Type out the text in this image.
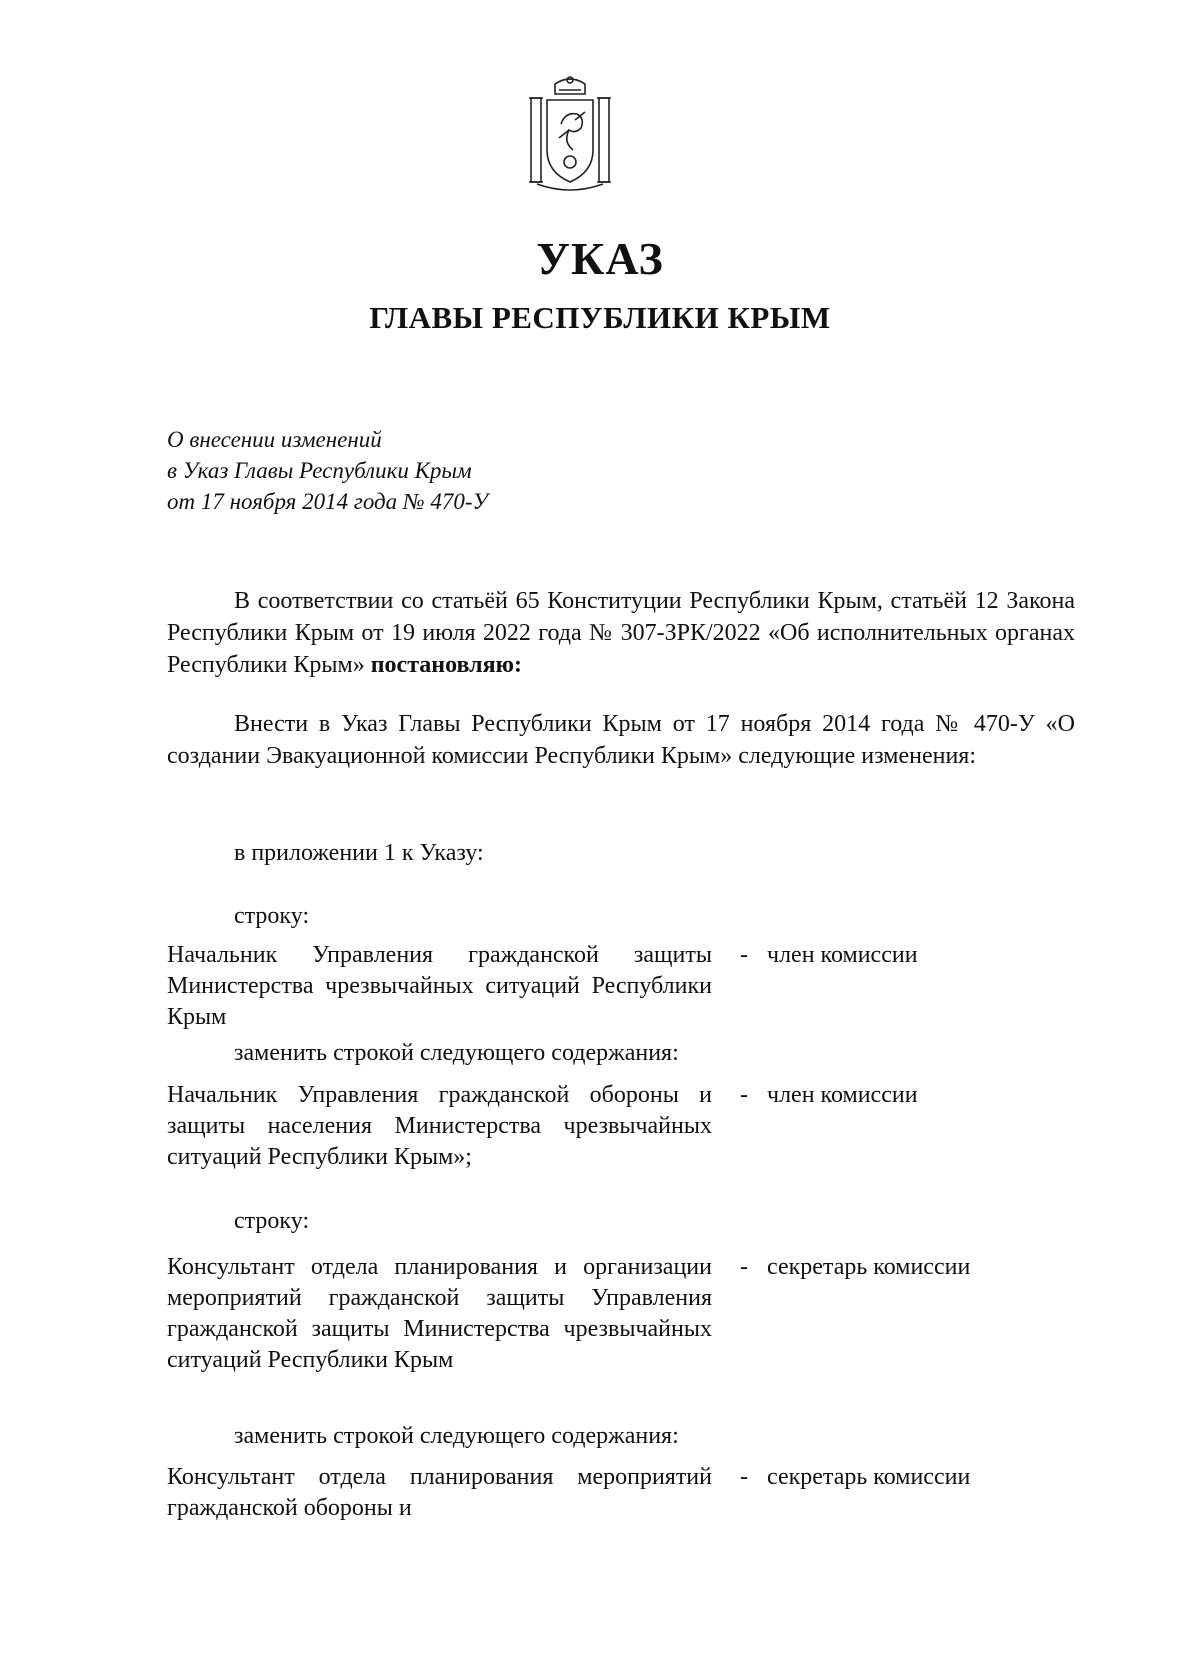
УКАЗ
ГЛАВЫ РЕСПУБЛИКИ КРЫМ
О внесении изменений
в Указ Главы Республики Крым
от 17 ноября 2014 года № 470-У
В соответствии со статьёй 65 Конституции Республики Крым, статьёй 12 Закона Республики Крым от 19 июля 2022 года № 307-ЗРК/2022 «Об исполнительных органах Республики Крым» постановляю:
Внести в Указ Главы Республики Крым от 17 ноября 2014 года № 470-У «О создании Эвакуационной комиссии Республики Крым» следующие изменения:
в приложении 1 к Указу:
строку:
Начальник Управления гражданской защиты Министерства чрезвычайных ситуаций Республики Крым
- член комиссии
заменить строкой следующего содержания:
Начальник Управления гражданской обороны и защиты населения Министерства чрезвычайных ситуаций Республики Крым»;
- член комиссии
строку:
Консультант отдела планирования и организации мероприятий гражданской защиты Управления гражданской защиты Министерства чрезвычайных ситуаций Республики Крым
- секретарь комиссии
заменить строкой следующего содержания:
Консультант отдела планирования мероприятий гражданской обороны и
- секретарь комиссии
